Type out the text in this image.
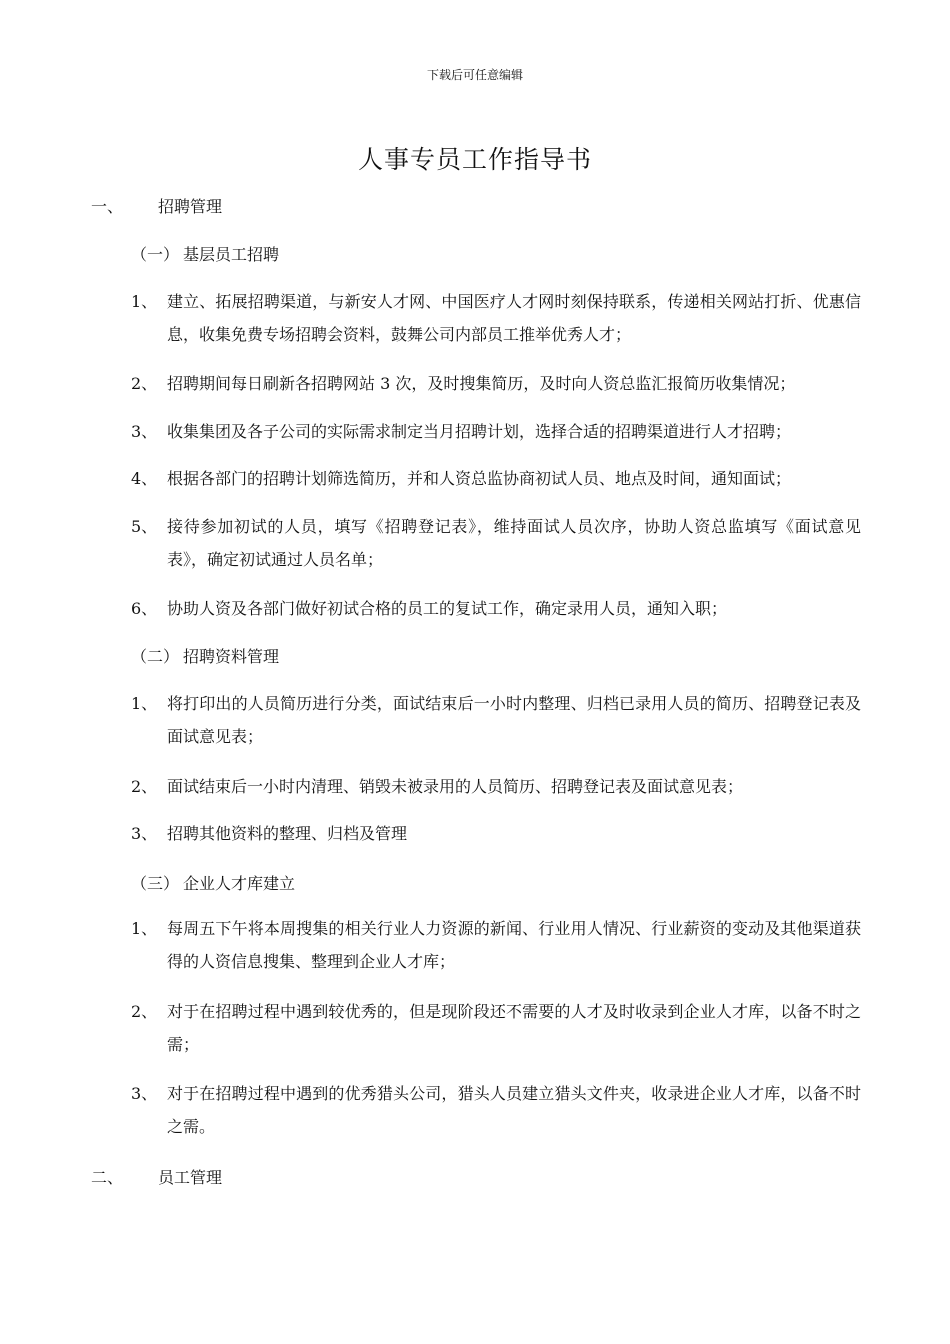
下载后可任意编辑
人事专员工作指导书
一、 招聘管理
（一） 基层员工招聘
1、 建立、拓展招聘渠道，与新安人才网、中国医疗人才网时刻保持联系，传递相关网站打折、优惠信息，收集免费专场招聘会资料，鼓舞公司内部员工推举优秀人才；
2、 招聘期间每日刷新各招聘网站 3 次，及时搜集简历，及时向人资总监汇报简历收集情况；
3、 收集集团及各子公司的实际需求制定当月招聘计划，选择合适的招聘渠道进行人才招聘；
4、 根据各部门的招聘计划筛选简历，并和人资总监协商初试人员、地点及时间，通知面试；
5、 接待参加初试的人员，填写《招聘登记表》，维持面试人员次序，协助人资总监填写《面试意见表》，确定初试通过人员名单；
6、 协助人资及各部门做好初试合格的员工的复试工作，确定录用人员，通知入职；
（二） 招聘资料管理
1、 将打印出的人员简历进行分类，面试结束后一小时内整理、归档已录用人员的简历、招聘登记表及面试意见表；
2、 面试结束后一小时内清理、销毁未被录用的人员简历、招聘登记表及面试意见表；
3、 招聘其他资料的整理、归档及管理
（三） 企业人才库建立
1、 每周五下午将本周搜集的相关行业人力资源的新闻、行业用人情况、行业薪资的变动及其他渠道获得的人资信息搜集、整理到企业人才库；
2、 对于在招聘过程中遇到较优秀的，但是现阶段还不需要的人才及时收录到企业人才库，以备不时之需；
3、 对于在招聘过程中遇到的优秀猎头公司，猎头人员建立猎头文件夹，收录进企业人才库，以备不时之需。
二、 员工管理
